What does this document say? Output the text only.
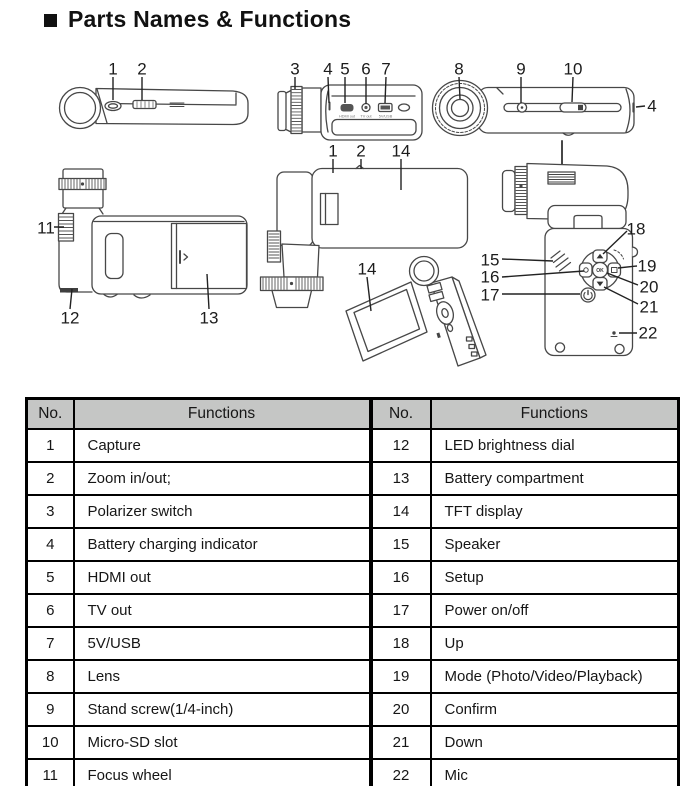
Parts Names & Functions
HDMI out TV out 5V/USB
OK
1 2	3 4 5 6 7	8	9 10
4
1 2 14
11
12	13
14	15
16
17
18
19
20
21
22
No.	Functions	No.	Functions
1	Capture	12	LED brightness dial
2	Zoom in/out;	13	Battery compartment
3	Polarizer switch	14	TFT display
4	Battery charging indicator	15	Speaker
5	HDMI out	16	Setup
6	TV out	17	Power on/off
7	5V/USB	18	Up
8	Lens	19	Mode (Photo/Video/Playback)
9	Stand screw(1/4-inch)	20	Confirm
10	Micro-SD slot	21	Down
11	Focus wheel	22	Mic
